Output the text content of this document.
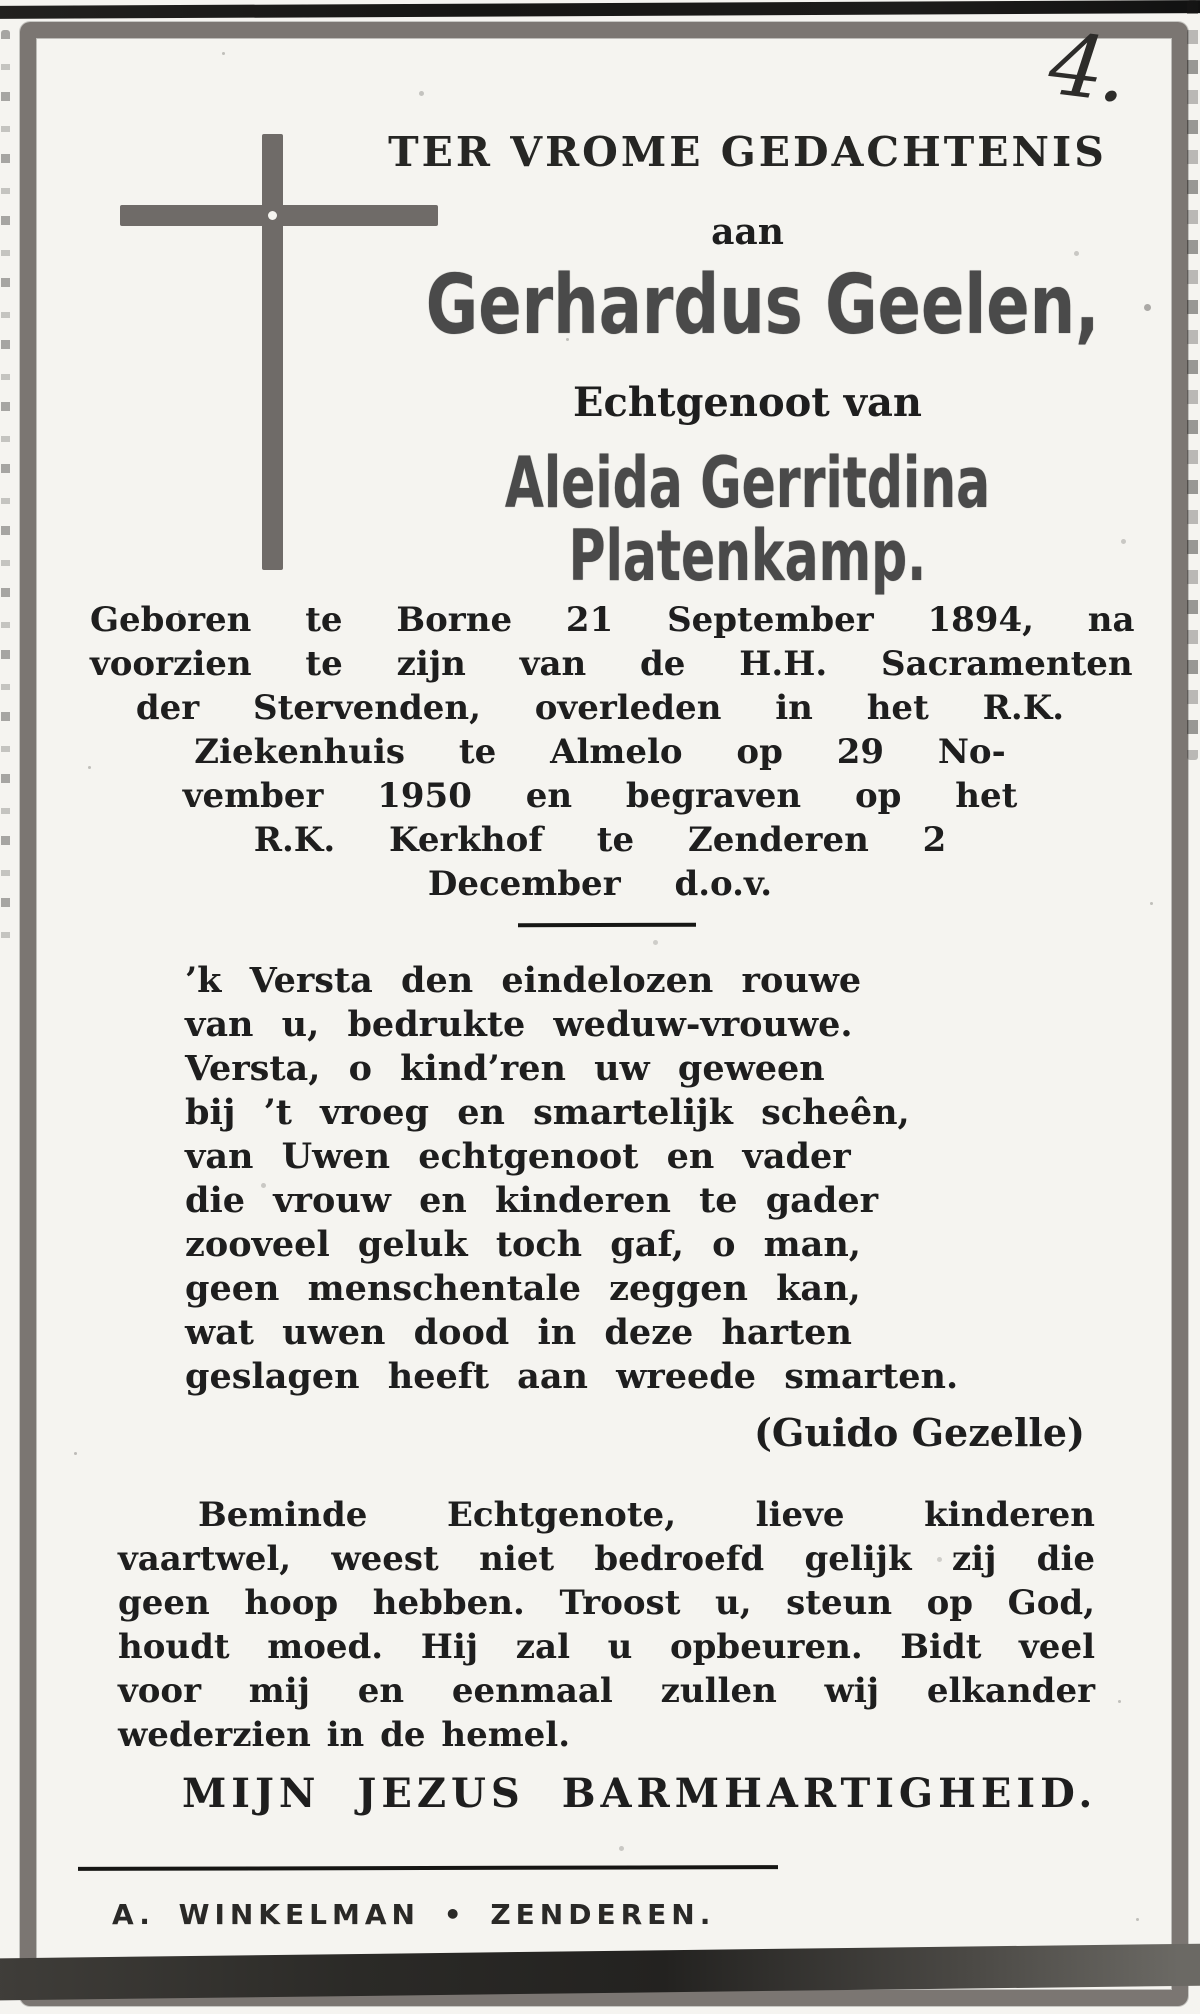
4.
TER VROME GEDACHTENIS
aan
Gerhardus Geelen,
Echtgenoot van
Aleida Gerritdina
Platenkamp.
Geboren te Borne 21 September 1894, na
voorzien te zijn van de H.H. Sacramenten
der Stervenden, overleden in het R.K.
Ziekenhuis te Almelo op 29 No-
vember 1950 en begraven op het
R.K. Kerkhof te Zenderen 2
December d.o.v.
’k Versta den eindelozen rouwe
van u, bedrukte weduw-vrouwe.
Versta, o kind’ren uw geween
bij ’t vroeg en smartelijk scheên,
van Uwen echtgenoot en vader
die vrouw en kinderen te gader
zooveel geluk toch gaf, o man,
geen menschentale zeggen kan,
wat uwen dood in deze harten
geslagen heeft aan wreede smarten.
(Guido Gezelle)
Beminde Echtgenote, lieve kinderen
vaartwel, weest niet bedroefd gelijk zij die
geen hoop hebben. Troost u, steun op God,
houdt moed. Hij zal u opbeuren. Bidt veel
voor mij en eenmaal zullen wij elkander
wederzien in de hemel.
MIJN JEZUS BARMHARTIGHEID.
A. WINKELMAN • ZENDEREN.
